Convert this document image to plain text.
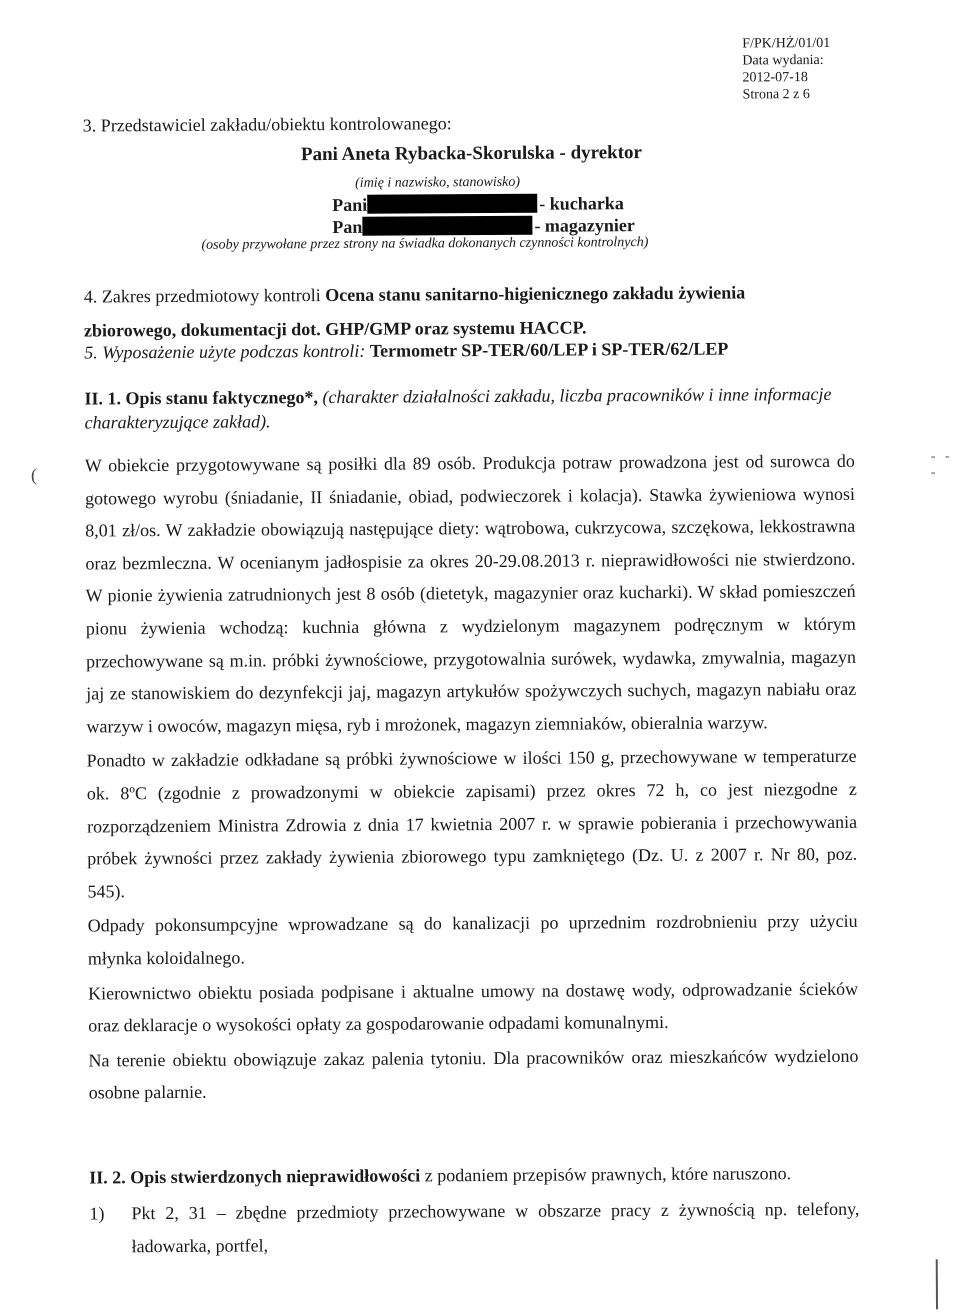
F/PK/HŻ/01/01
Data wydania:
2012-07-18
Strona 2 z 6
3. Przedstawiciel zakładu/obiektu kontrolowanego:
Pani Aneta Rybacka-Skorulska - dyrektor
(imię i nazwisko, stanowisko)
Pani	- kucharka
Pan	- magazynier
(osoby przywołane przez strony na świadka dokonanych czynności kontrolnych)
4. Zakres przedmiotowy kontroli Ocena stanu sanitarno-higienicznego zakładu żywienia zbiorowego, dokumentacji dot. GHP/GMP oraz systemu HACCP.
5. Wyposażenie użyte podczas kontroli: Termometr SP-TER/60/LEP i SP-TER/62/LEP
II. 1. Opis stanu faktycznego*, (charakter działalności zakładu, liczba pracowników i inne informacje charakteryzujące zakład).

W obiekcie przygotowywane są posiłki dla 89 osób. Produkcja potraw prowadzona jest od surowca do gotowego wyrobu (śniadanie, II śniadanie, obiad, podwieczorek i kolacja). Stawka żywieniowa wynosi 8,01 zł/os. W zakładzie obowiązują następujące diety: wątrobowa, cukrzycowa, szczękowa, lekkostrawna oraz bezmleczna. W ocenianym jadłospisie za okres 20-29.08.2013 r. nieprawidłowości nie stwierdzono. W pionie żywienia zatrudnionych jest 8 osób (dietetyk, magazynier oraz kucharki). W skład pomieszczeń pionu żywienia wchodzą: kuchnia główna z wydzielonym magazynem podręcznym w którym przechowywane są m.in. próbki żywnościowe, przygotowalnia surówek, wydawka, zmywalnia, magazyn jaj ze stanowiskiem do dezynfekcji jaj, magazyn artykułów spożywczych suchych, magazyn nabiału oraz warzyw i owoców, magazyn mięsa, ryb i mrożonek, magazyn ziemniaków, obieralnia warzyw.

Ponadto w zakładzie odkładane są próbki żywnościowe w ilości 150 g, przechowywane w temperaturze ok. 8ºC (zgodnie z prowadzonymi w obiekcie zapisami) przez okres 72 h, co jest niezgodne z rozporządzeniem Ministra Zdrowia z dnia 17 kwietnia 2007 r. w sprawie pobierania i przechowywania próbek żywności przez zakłady żywienia zbiorowego typu zamkniętego (Dz. U. z 2007 r. Nr 80, poz. 545).

Odpady pokonsumpcyjne wprowadzane są do kanalizacji po uprzednim rozdrobnieniu przy użyciu młynka koloidalnego.

Kierownictwo obiektu posiada podpisane i aktualne umowy na dostawę wody, odprowadzanie ścieków oraz deklaracje o wysokości opłaty za gospodarowanie odpadami komunalnymi.

Na terenie obiektu obowiązuje zakaz palenia tytoniu. Dla pracowników oraz mieszkańców wydzielono osobne palarnie.

II. 2. Opis stwierdzonych nieprawidłowości z podaniem przepisów prawnych, które naruszono.
1) Pkt 2, 31 – zbędne przedmioty przechowywane w obszarze pracy z żywnością np. telefony, ładowarka, portfel,
(
- - -
